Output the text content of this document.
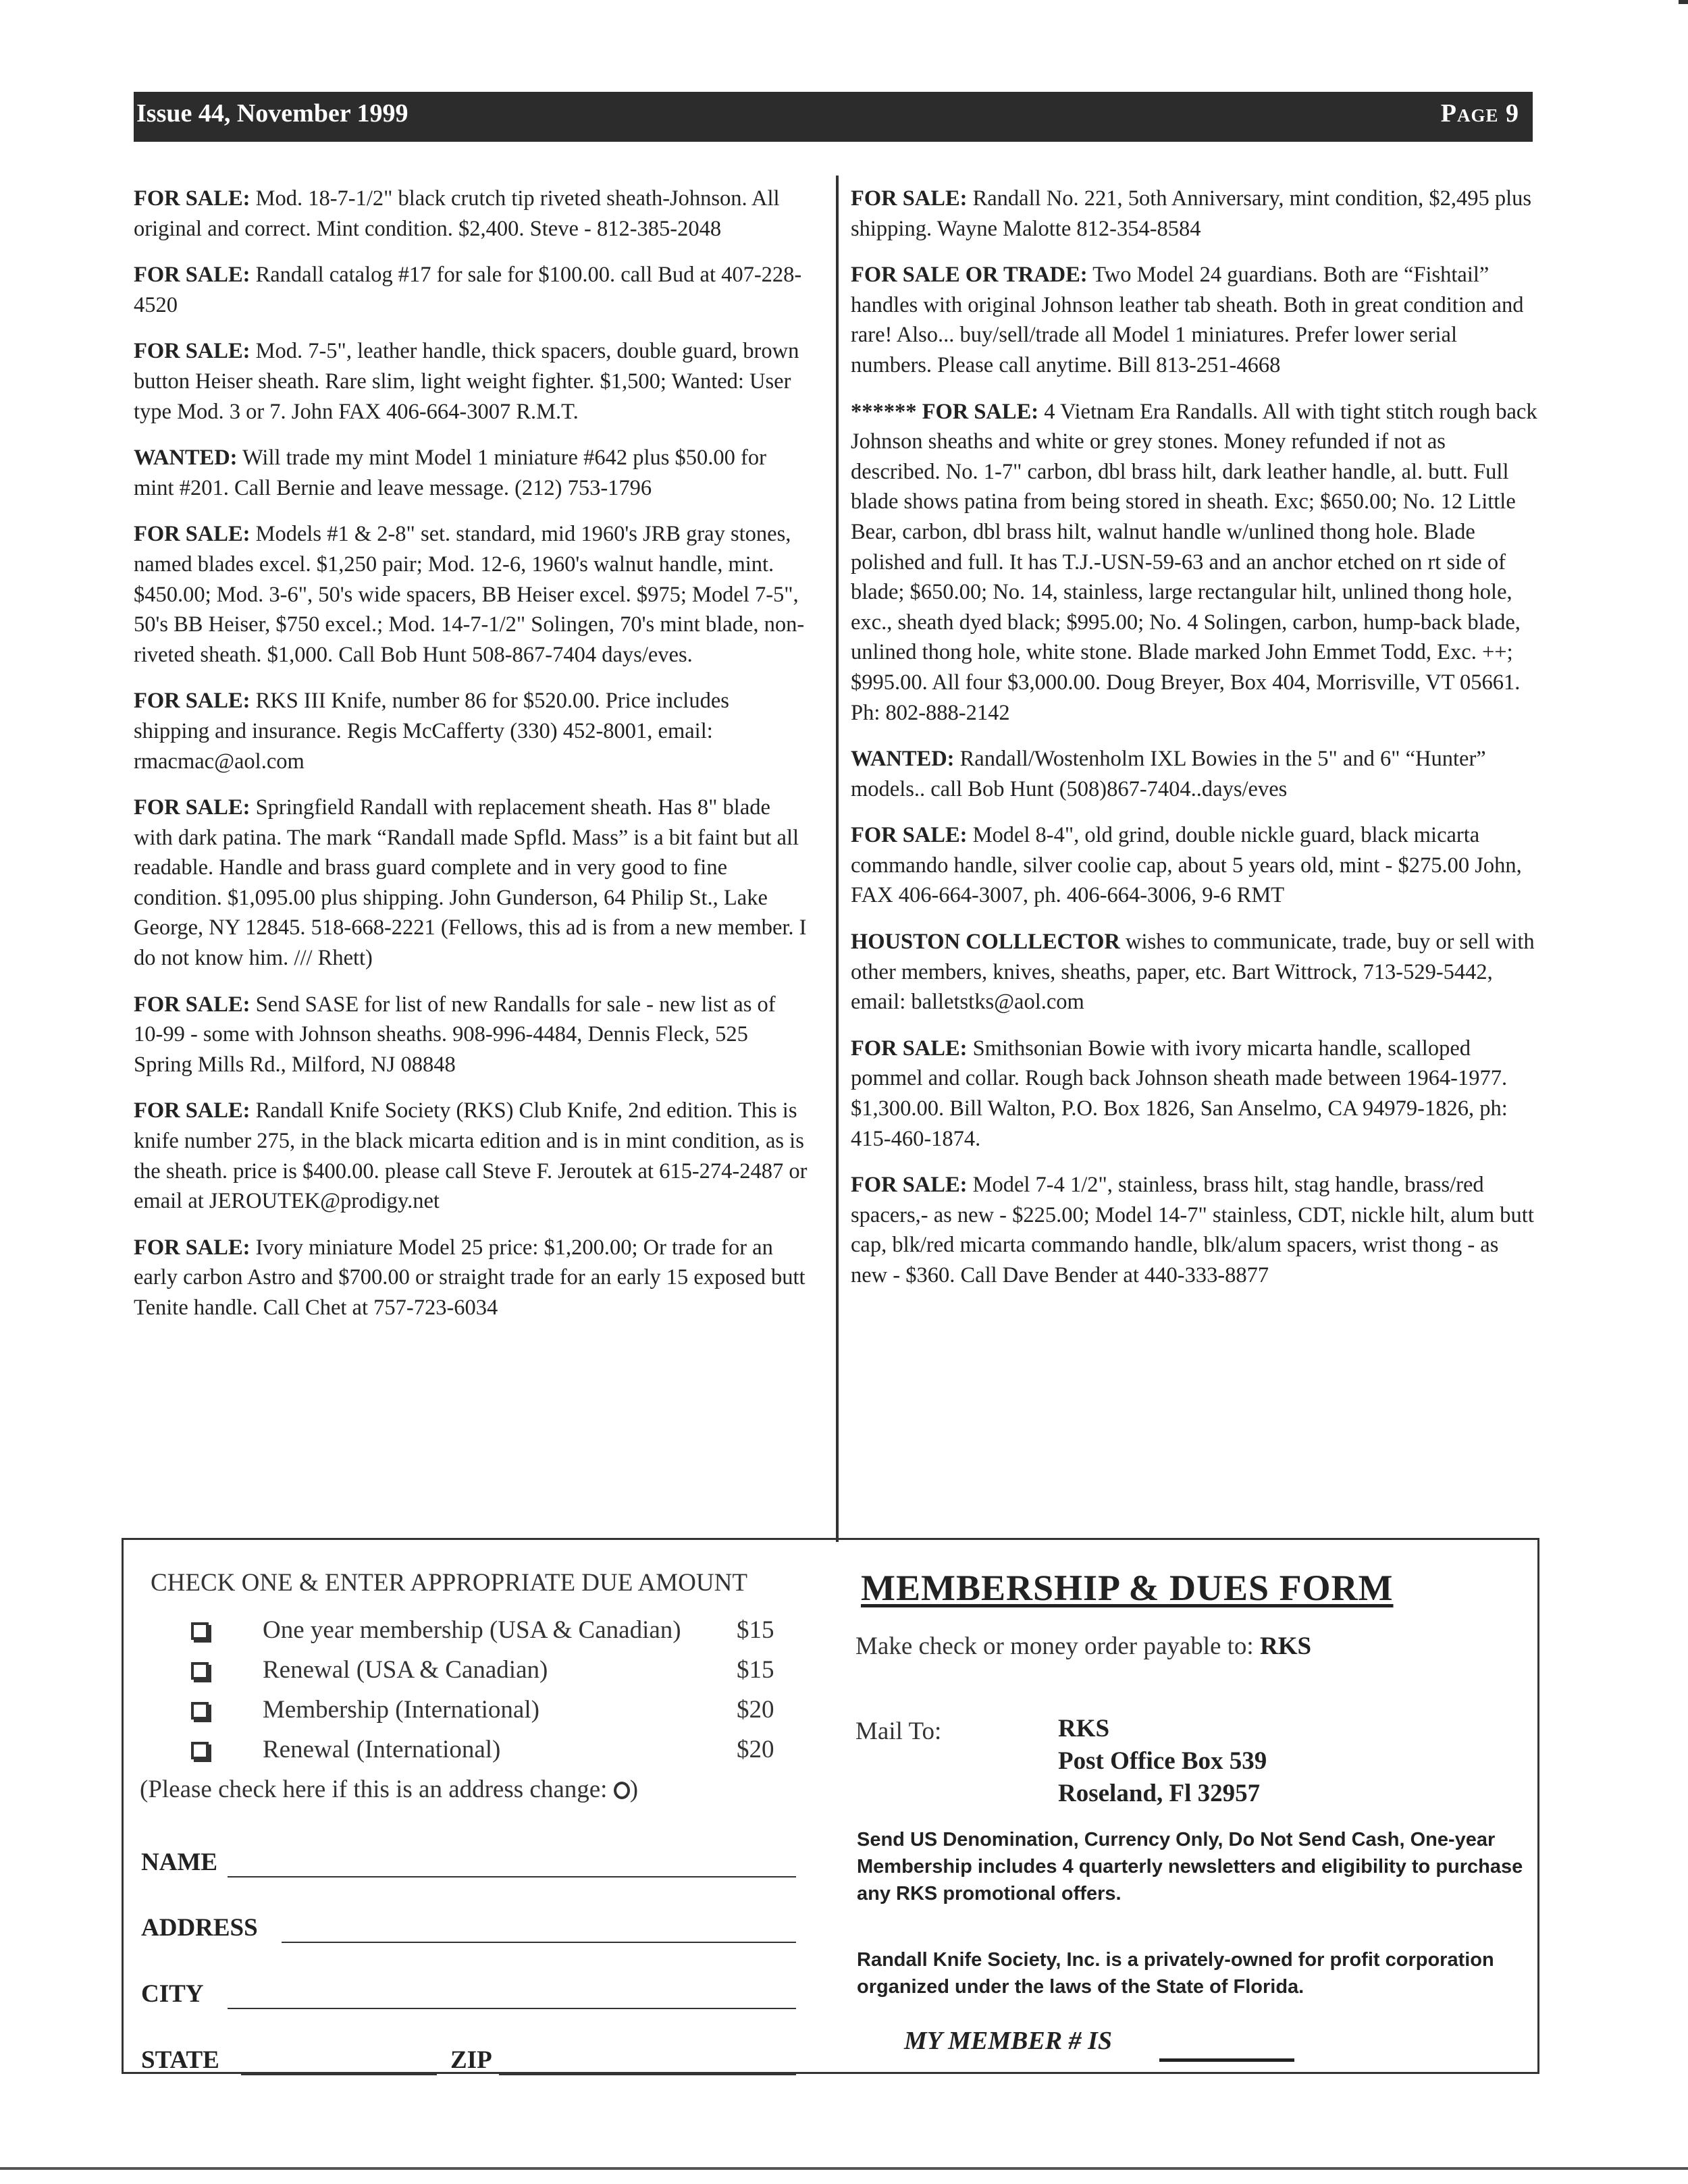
Issue 44, November 1999	Page 9

FOR SALE: Mod. 18-7-1/2" black crutch tip riveted sheath-Johnson. All original and correct. Mint condition. $2,400. Steve - 812-385-2048

FOR SALE: Randall catalog #17 for sale for $100.00. call Bud at 407-228-4520

FOR SALE: Mod. 7-5", leather handle, thick spacers, double guard, brown button Heiser sheath. Rare slim, light weight fighter. $1,500; Wanted: User type Mod. 3 or 7. John FAX 406-664-3007 R.M.T.

WANTED: Will trade my mint Model 1 miniature #642 plus $50.00 for mint #201. Call Bernie and leave message. (212) 753-1796

FOR SALE: Models #1 & 2-8" set. standard, mid 1960's JRB gray stones, named blades excel. $1,250 pair; Mod. 12-6, 1960's walnut handle, mint. $450.00; Mod. 3-6", 50's wide spacers, BB Heiser excel. $975; Model 7-5", 50's BB Heiser, $750 excel.; Mod. 14-7-1/2" Solingen, 70's mint blade, non-riveted sheath. $1,000. Call Bob Hunt 508-867-7404 days/eves.

FOR SALE: RKS III Knife, number 86 for $520.00. Price includes shipping and insurance. Regis McCafferty (330) 452-8001, email: rmacmac@aol.com

FOR SALE: Springfield Randall with replacement sheath. Has 8" blade with dark patina. The mark “Randall made Spfld. Mass” is a bit faint but all readable. Handle and brass guard complete and in very good to fine condition. $1,095.00 plus shipping. John Gunderson, 64 Philip St., Lake George, NY 12845. 518-668-2221 (Fellows, this ad is from a new member. I do not know him. /// Rhett)

FOR SALE: Send SASE for list of new Randalls for sale - new list as of 10-99 - some with Johnson sheaths. 908-996-4484, Dennis Fleck, 525 Spring Mills Rd., Milford, NJ 08848

FOR SALE: Randall Knife Society (RKS) Club Knife, 2nd edition. This is knife number 275, in the black micarta edition and is in mint condition, as is the sheath. price is $400.00. please call Steve F. Jeroutek at 615-274-2487 or email at JEROUTEK@prodigy.net

FOR SALE: Ivory miniature Model 25 price: $1,200.00; Or trade for an early carbon Astro and $700.00 or straight trade for an early 15 exposed butt Tenite handle. Call Chet at 757-723-6034

FOR SALE: Randall No. 221, 5oth Anniversary, mint condition, $2,495 plus shipping. Wayne Malotte 812-354-8584

FOR SALE OR TRADE: Two Model 24 guardians. Both are “Fishtail” handles with original Johnson leather tab sheath. Both in great condition and rare! Also... buy/sell/trade all Model 1 miniatures. Prefer lower serial numbers. Please call anytime. Bill 813-251-4668

****** FOR SALE: 4 Vietnam Era Randalls. All with tight stitch rough back Johnson sheaths and white or grey stones. Money refunded if not as described. No. 1-7" carbon, dbl brass hilt, dark leather handle, al. butt. Full blade shows patina from being stored in sheath. Exc; $650.00; No. 12 Little Bear, carbon, dbl brass hilt, walnut handle w/unlined thong hole. Blade polished and full. It has T.J.-USN-59-63 and an anchor etched on rt side of blade; $650.00; No. 14, stainless, large rectangular hilt, unlined thong hole, exc., sheath dyed black; $995.00; No. 4 Solingen, carbon, hump-back blade, unlined thong hole, white stone. Blade marked John Emmet Todd, Exc. ++; $995.00. All four $3,000.00. Doug Breyer, Box 404, Morrisville, VT 05661. Ph: 802-888-2142

WANTED: Randall/Wostenholm IXL Bowies in the 5" and 6" “Hunter” models.. call Bob Hunt (508)867-7404..days/eves

FOR SALE: Model 8-4", old grind, double nickle guard, black micarta commando handle, silver coolie cap, about 5 years old, mint - $275.00 John, FAX 406-664-3007, ph. 406-664-3006, 9-6 RMT

HOUSTON COLLLECTOR wishes to communicate, trade, buy or sell with other members, knives, sheaths, paper, etc. Bart Wittrock, 713-529-5442, email: balletstks@aol.com

FOR SALE: Smithsonian Bowie with ivory micarta handle, scalloped pommel and collar. Rough back Johnson sheath made between 1964-1977. $1,300.00. Bill Walton, P.O. Box 1826, San Anselmo, CA 94979-1826, ph: 415-460-1874.

FOR SALE: Model 7-4 1/2", stainless, brass hilt, stag handle, brass/red spacers,- as new - $225.00; Model 14-7" stainless, CDT, nickle hilt, alum butt cap, blk/red micarta commando handle, blk/alum spacers, wrist thong - as new - $360. Call Dave Bender at 440-333-8877

CHECK ONE & ENTER APPROPRIATE DUE AMOUNT
One year membership (USA & Canadian) $15
Renewal (USA & Canadian)	$15
Membership (International)	$20
Renewal (International)	$20
(Please check here if this is an address change: )
NAME
ADDRESS
CITY
STATE	ZIP
MEMBERSHIP & DUES FORM
Make check or money order payable to: RKS
Mail To:	RKS
Post Office Box 539
Roseland, Fl 32957
Send US Denomination, Currency Only, Do Not Send Cash, One-year Membership includes 4 quarterly newsletters and eligibility to purchase any RKS promotional offers.
Randall Knife Society, Inc. is a privately-owned for profit corporation organized under the laws of the State of Florida.
MY MEMBER # IS
